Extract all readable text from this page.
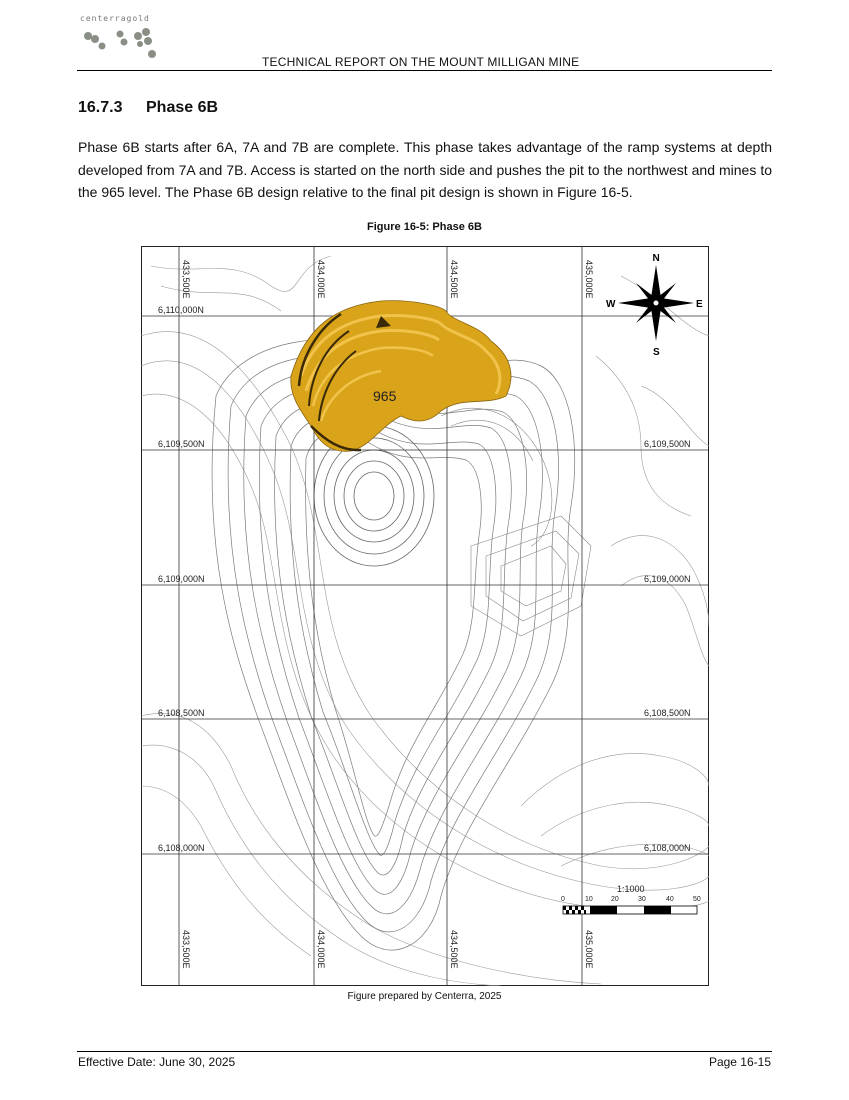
centerragold
TECHNICAL REPORT ON THE MOUNT MILLIGAN MINE
16.7.3 Phase 6B
Phase 6B starts after 6A, 7A and 7B are complete. This phase takes advantage of the ramp systems at depth developed from 7A and 7B. Access is started on the north side and pushes the pit to the northwest and mines to the 965 level. The Phase 6B design relative to the final pit design is shown in Figure 16-5.
Figure 16-5: Phase 6B
965
433,500E	434,000E	434,500E	435,000E
433,500E	434,000E	434,500E	435,000E
6,110,000N
6,109,500N	6,109,500N
6,109,000N	6,109,000N
6,108,500N	6,108,500N
6,108,000N	6,108,000N
N
S
E
W
1:1000
0	10	20	30	40	50
Figure prepared by Centerra, 2025
Effective Date: June 30, 2025	Page 16-15
